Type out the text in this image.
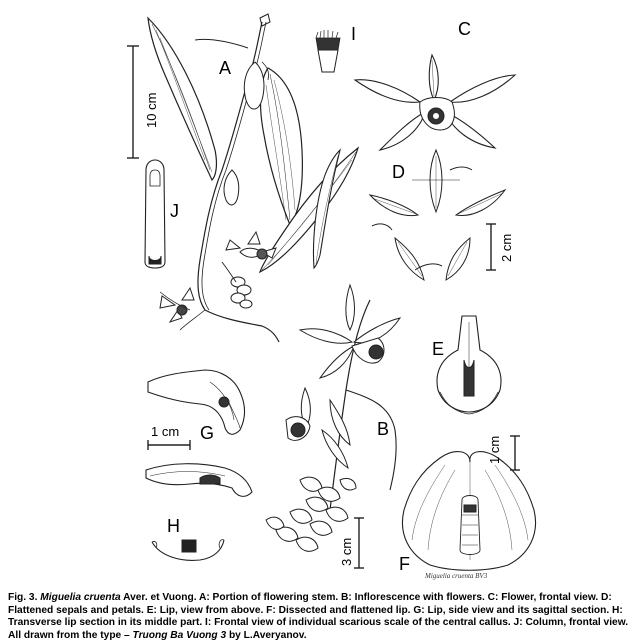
A
B
C
D
E
F
G
H
I
J
10 cm
2 cm
1 cm
1 cm
3 cm
Miguelia cruenta BV3
Fig. 3. Miguelia cruenta Aver. et Vuong. A: Portion of flowering stem. B: Inflorescence with flowers. C: Flower, frontal view. D: Flattened sepals and petals. E: Lip, view from above. F: Dissected and flattened lip. G: Lip, side view and its sagittal section. H: Transverse lip section in its middle part. I: Frontal view of individual scarious scale of the central callus. J: Column, frontal view. All drawn from the type – Truong Ba Vuong 3 by L.Averyanov.
